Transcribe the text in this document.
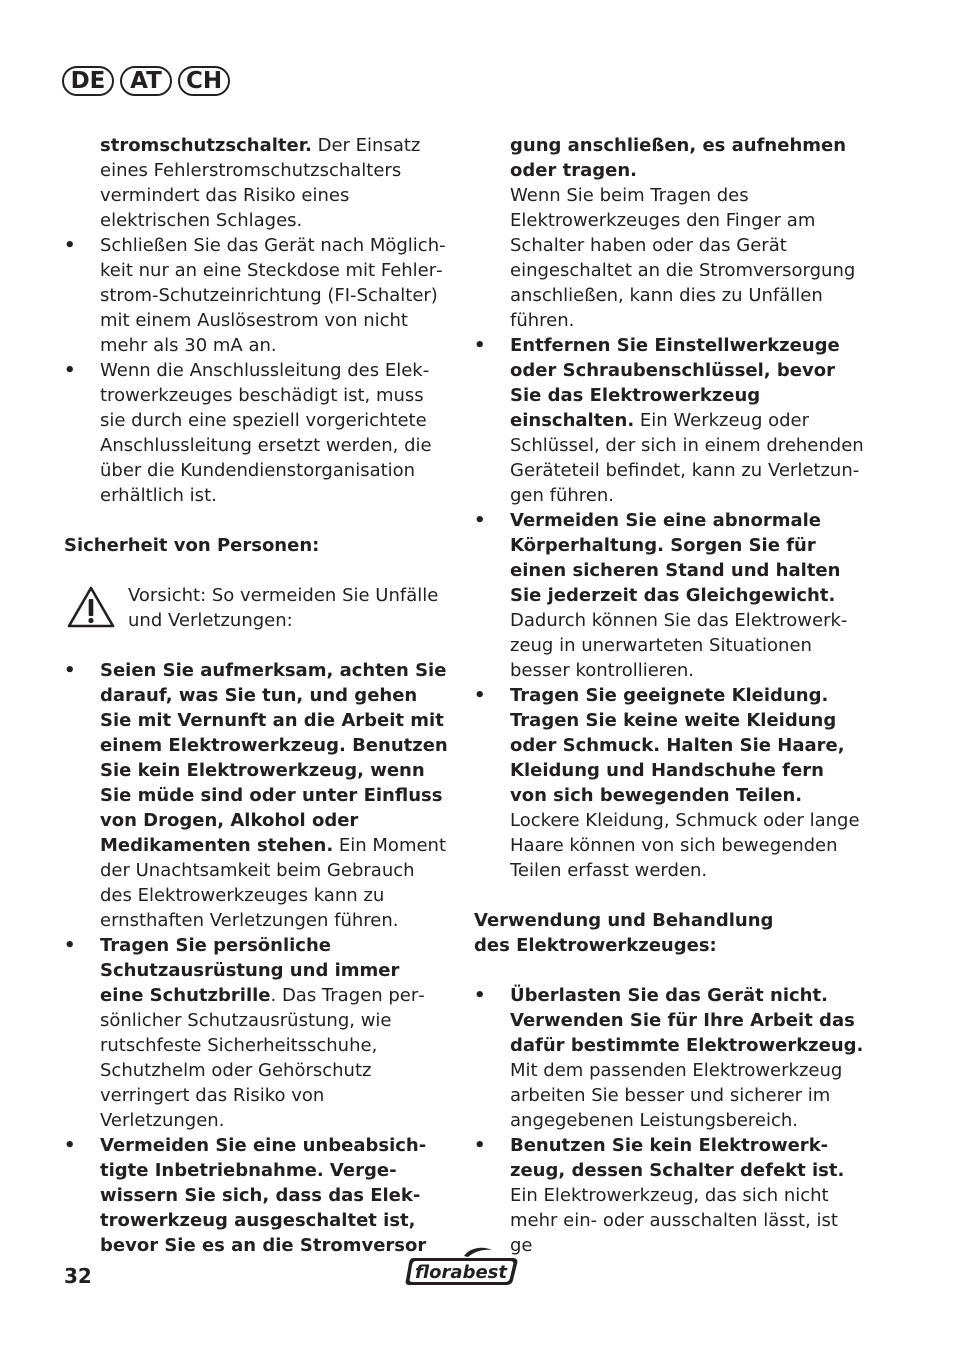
DE	AT	CH
stromschutzschalter. Der Einsatz eines Fehlerstromschutzschalters vermindert das Risiko eines elektrischen Schlages.
• Schließen Sie das Gerät nach Möglichkeit nur an eine Steckdose mit Fehlerstrom-Schutzeinrichtung (FI-Schalter) mit einem Auslösestrom von nicht mehr als 30 mA an.
• Wenn die Anschlussleitung des Elektrowerkzeuges beschädigt ist, muss sie durch eine speziell vorgerichtete Anschlussleitung ersetzt werden, die über die Kundendienstorganisation erhältlich ist.
Sicherheit von Personen:
Vorsicht: So vermeiden Sie Unfälle und Verletzungen:
• Seien Sie aufmerksam, achten Sie darauf, was Sie tun, und gehen Sie mit Vernunft an die Arbeit mit einem Elektrowerkzeug. Benutzen Sie kein Elektrowerkzeug, wenn Sie müde sind oder unter Einfluss von Drogen, Alkohol oder Medikamenten stehen. Ein Moment der Unachtsamkeit beim Gebrauch des Elektrowerkzeuges kann zu ernsthaften Verletzungen führen.
• Tragen Sie persönliche Schutzausrüstung und immer eine Schutzbrille. Das Tragen persönlicher Schutzausrüstung, wie rutschfeste Sicherheitsschuhe, Schutzhelm oder Gehörschutz verringert das Risiko von Verletzungen.
• Vermeiden Sie eine unbeabsichtigte Inbetriebnahme. Vergewissern Sie sich, dass das Elektrowerkzeug ausgeschaltet ist, bevor Sie es an die Stromversor
gung anschließen, es aufnehmen oder tragen.
Wenn Sie beim Tragen des Elektrowerkzeuges den Finger am Schalter haben oder das Gerät eingeschaltet an die Stromversorgung anschließen, kann dies zu Unfällen führen.
• Entfernen Sie Einstellwerkzeuge oder Schraubenschlüssel, bevor Sie das Elektrowerkzeug einschalten. Ein Werkzeug oder Schlüssel, der sich in einem drehenden Geräteteil befindet, kann zu Verletzungen führen.
• Vermeiden Sie eine abnormale Körperhaltung. Sorgen Sie für einen sicheren Stand und halten Sie jederzeit das Gleichgewicht. Dadurch können Sie das Elektrowerkzeug in unerwarteten Situationen besser kontrollieren.
• Tragen Sie geeignete Kleidung. Tragen Sie keine weite Kleidung oder Schmuck. Halten Sie Haare, Kleidung und Handschuhe fern von sich bewegenden Teilen. Lockere Kleidung, Schmuck oder lange Haare können von sich bewegenden Teilen erfasst werden.
Verwendung und Behandlung
des Elektrowerkzeuges:
• Überlasten Sie das Gerät nicht. Verwenden Sie für Ihre Arbeit das dafür bestimmte Elektrowerkzeug. Mit dem passenden Elektrowerkzeug arbeiten Sie besser und sicherer im angegebenen Leistungsbereich.
• Benutzen Sie kein Elektrowerkzeug, dessen Schalter defekt ist. Ein Elektrowerkzeug, das sich nicht mehr ein- oder ausschalten lässt, ist ge
32	florabest
